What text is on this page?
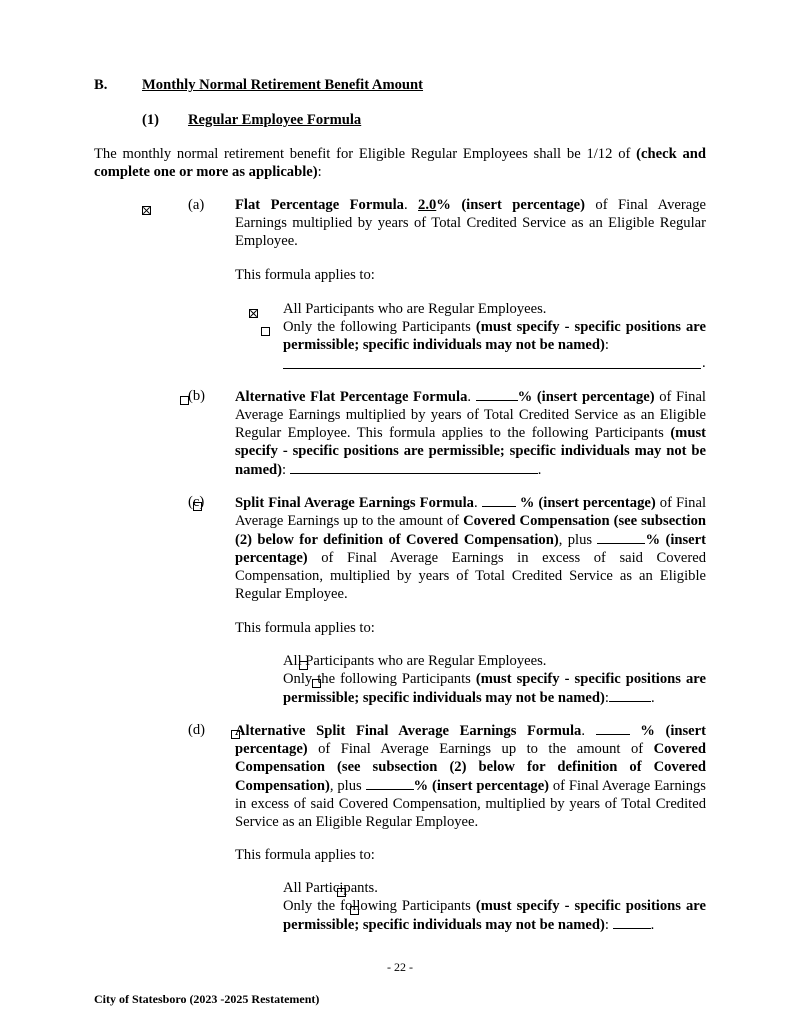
B. Monthly Normal Retirement Benefit Amount
(1) Regular Employee Formula
The monthly normal retirement benefit for Eligible Regular Employees shall be 1/12 of (check and complete one or more as applicable):

(a) Flat Percentage Formula. 2.0% (insert percentage) of Final Average Earnings multiplied by years of Total Credited Service as an Eligible Regular Employee.
This formula applies to:

All Participants who are Regular Employees.

Only the following Participants (must specify - specific positions are permissible; specific individuals may not be named):
.

(b) Alternative Flat Percentage Formula.	% (insert percentage) of Final Average Earnings multiplied by years of Total Credited Service as an Eligible Regular Employee. This formula applies to the following Participants (must specify - specific positions are permissible; specific individuals may not be named):	.

(c) Split Final Average Earnings Formula.  % (insert percentage) of Final Average Earnings up to the amount of Covered Compensation (see subsection (2) below for definition of Covered Compensation), plus	% (insert percentage) of Final Average Earnings in excess of said Covered Compensation, multiplied by years of Total Credited Service as an Eligible Regular Employee.
This formula applies to:

All Participants who are Regular Employees.

Only the following Participants (must specify - specific positions are permissible; specific individuals may not be named):	.

(d) Alternative Split Final Average Earnings Formula.  % (insert percentage) of Final Average Earnings up to the amount of Covered Compensation (see subsection (2) below for definition of Covered Compensation), plus	% (insert percentage) of Final Average Earnings in excess of said Covered Compensation, multiplied by years of Total Credited Service as an Eligible Regular Employee.
This formula applies to:

All Participants.
Only the following Participants (must specify - specific positions are permissible; specific individuals may not be named):	.
- 22 -
City of Statesboro (2023 -2025 Restatement)
